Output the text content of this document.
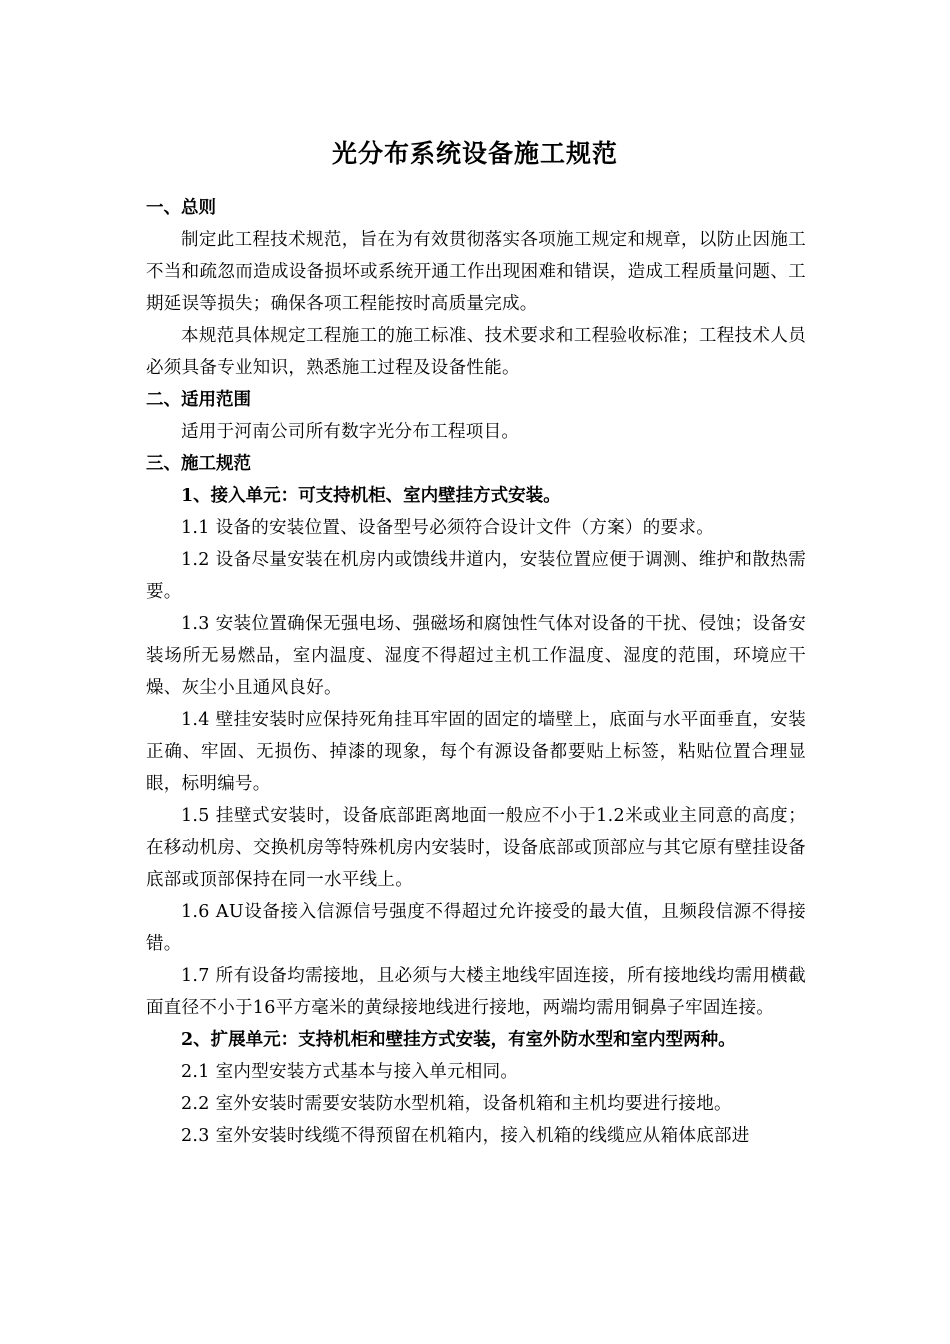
光分布系统设备施工规范

一、总则

制定此工程技术规范，旨在为有效贯彻落实各项施工规定和规章，以防止因施工不当和疏忽而造成设备损坏或系统开通工作出现困难和错误，造成工程质量问题、工期延误等损失；确保各项工程能按时高质量完成。

本规范具体规定工程施工的施工标准、技术要求和工程验收标准；工程技术人员必须具备专业知识，熟悉施工过程及设备性能。

二、适用范围

适用于河南公司所有数字光分布工程项目。

三、施工规范

1、接入单元：可支持机柜、室内壁挂方式安装。

1.1 设备的安装位置、设备型号必须符合设计文件（方案）的要求。

1.2 设备尽量安装在机房内或馈线井道内，安装位置应便于调测、维护和散热需要。

1.3 安装位置确保无强电场、强磁场和腐蚀性气体对设备的干扰、侵蚀；设备安装场所无易燃品，室内温度、湿度不得超过主机工作温度、湿度的范围，环境应干燥、灰尘小且通风良好。

1.4 壁挂安装时应保持死角挂耳牢固的固定的墙壁上，底面与水平面垂直，安装正确、牢固、无损伤、掉漆的现象，每个有源设备都要贴上标签，粘贴位置合理显眼，标明编号。

1.5 挂壁式安装时，设备底部距离地面一般应不小于1.2米或业主同意的高度；在移动机房、交换机房等特殊机房内安装时，设备底部或顶部应与其它原有壁挂设备底部或顶部保持在同一水平线上。

1.6 AU设备接入信源信号强度不得超过允许接受的最大值，且频段信源不得接错。

1.7 所有设备均需接地，且必须与大楼主地线牢固连接，所有接地线均需用横截面直径不小于16平方毫米的黄绿接地线进行接地，两端均需用铜鼻子牢固连接。

2、扩展单元：支持机柜和壁挂方式安装，有室外防水型和室内型两种。

2.1 室内型安装方式基本与接入单元相同。

2.2 室外安装时需要安装防水型机箱，设备机箱和主机均要进行接地。

2.3 室外安装时线缆不得预留在机箱内，接入机箱的线缆应从箱体底部进
